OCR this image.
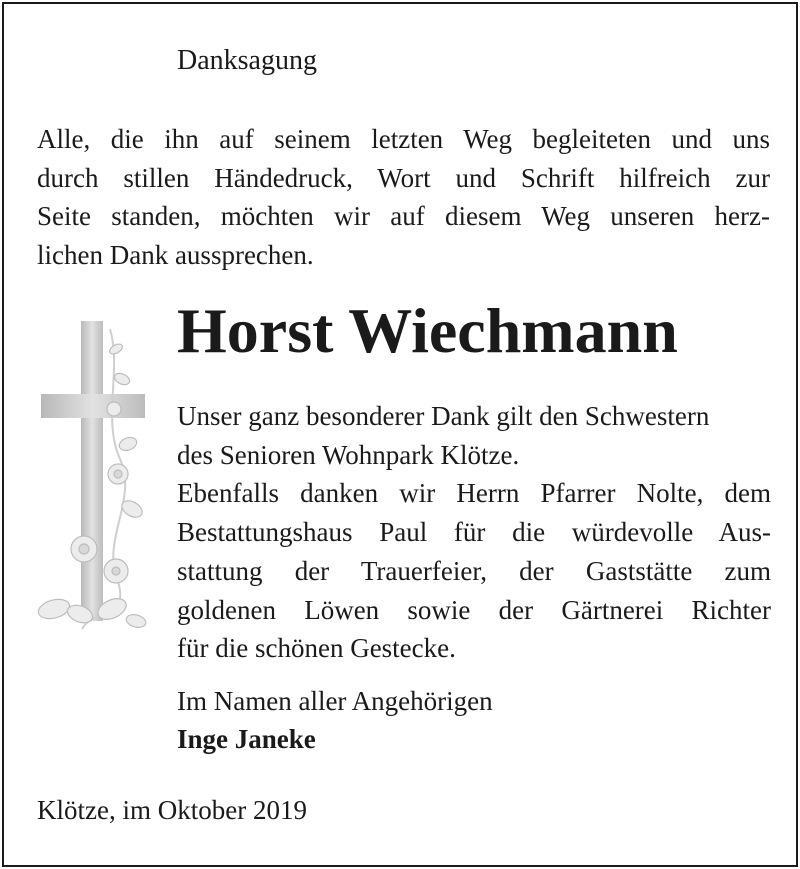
Danksagung
Alle, die ihn auf seinem letzten Weg begleiteten und uns
durch stillen Händedruck, Wort und Schrift hilfreich zur
Seite standen, möchten wir auf diesem Weg unseren herz-
lichen Dank aussprechen.
Horst Wiechmann
Unser ganz besonderer Dank gilt den Schwestern
des Senioren Wohnpark Klötze.
Ebenfalls danken wir Herrn Pfarrer Nolte, dem
Bestattungshaus Paul für die würdevolle Aus-
stattung der Trauerfeier, der Gaststätte zum
goldenen Löwen sowie der Gärtnerei Richter
für die schönen Gestecke.
Im Namen aller Angehörigen
Inge Janeke
Klötze, im Oktober 2019
